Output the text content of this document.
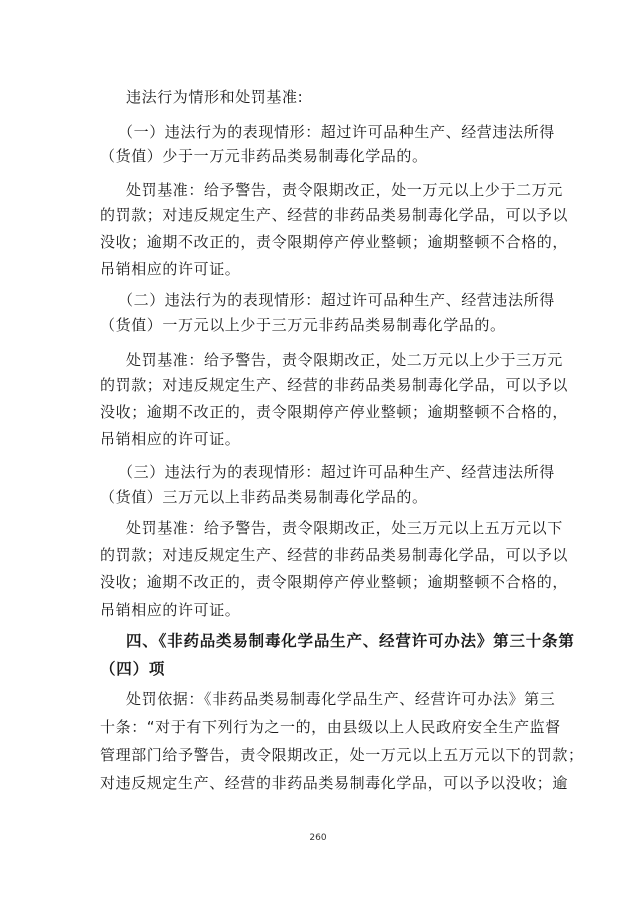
违法行为情形和处罚基准:
（一）违法行为的表现情形：超过许可品种生产、经营违法所得
（货值）少于一万元非药品类易制毒化学品的。
处罚基准：给予警告，责令限期改正，处一万元以上少于二万元
的罚款；对违反规定生产、经营的非药品类易制毒化学品，可以予以
没收；逾期不改正的，责令限期停产停业整顿；逾期整顿不合格的，
吊销相应的许可证。
（二）违法行为的表现情形：超过许可品种生产、经营违法所得
（货值）一万元以上少于三万元非药品类易制毒化学品的。
处罚基准：给予警告，责令限期改正，处二万元以上少于三万元
的罚款；对违反规定生产、经营的非药品类易制毒化学品，可以予以
没收；逾期不改正的，责令限期停产停业整顿；逾期整顿不合格的，
吊销相应的许可证。
（三）违法行为的表现情形：超过许可品种生产、经营违法所得
（货值）三万元以上非药品类易制毒化学品的。
处罚基准：给予警告，责令限期改正，处三万元以上五万元以下
的罚款；对违反规定生产、经营的非药品类易制毒化学品，可以予以
没收；逾期不改正的，责令限期停产停业整顿；逾期整顿不合格的，
吊销相应的许可证。
四、《非药品类易制毒化学品生产、经营许可办法》第三十条第
（四）项
处罚依据：《非药品类易制毒化学品生产、经营许可办法》第三
十条：“对于有下列行为之一的，由县级以上人民政府安全生产监督
管理部门给予警告，责令限期改正，处一万元以上五万元以下的罚款；
对违反规定生产、经营的非药品类易制毒化学品，可以予以没收；逾
260
